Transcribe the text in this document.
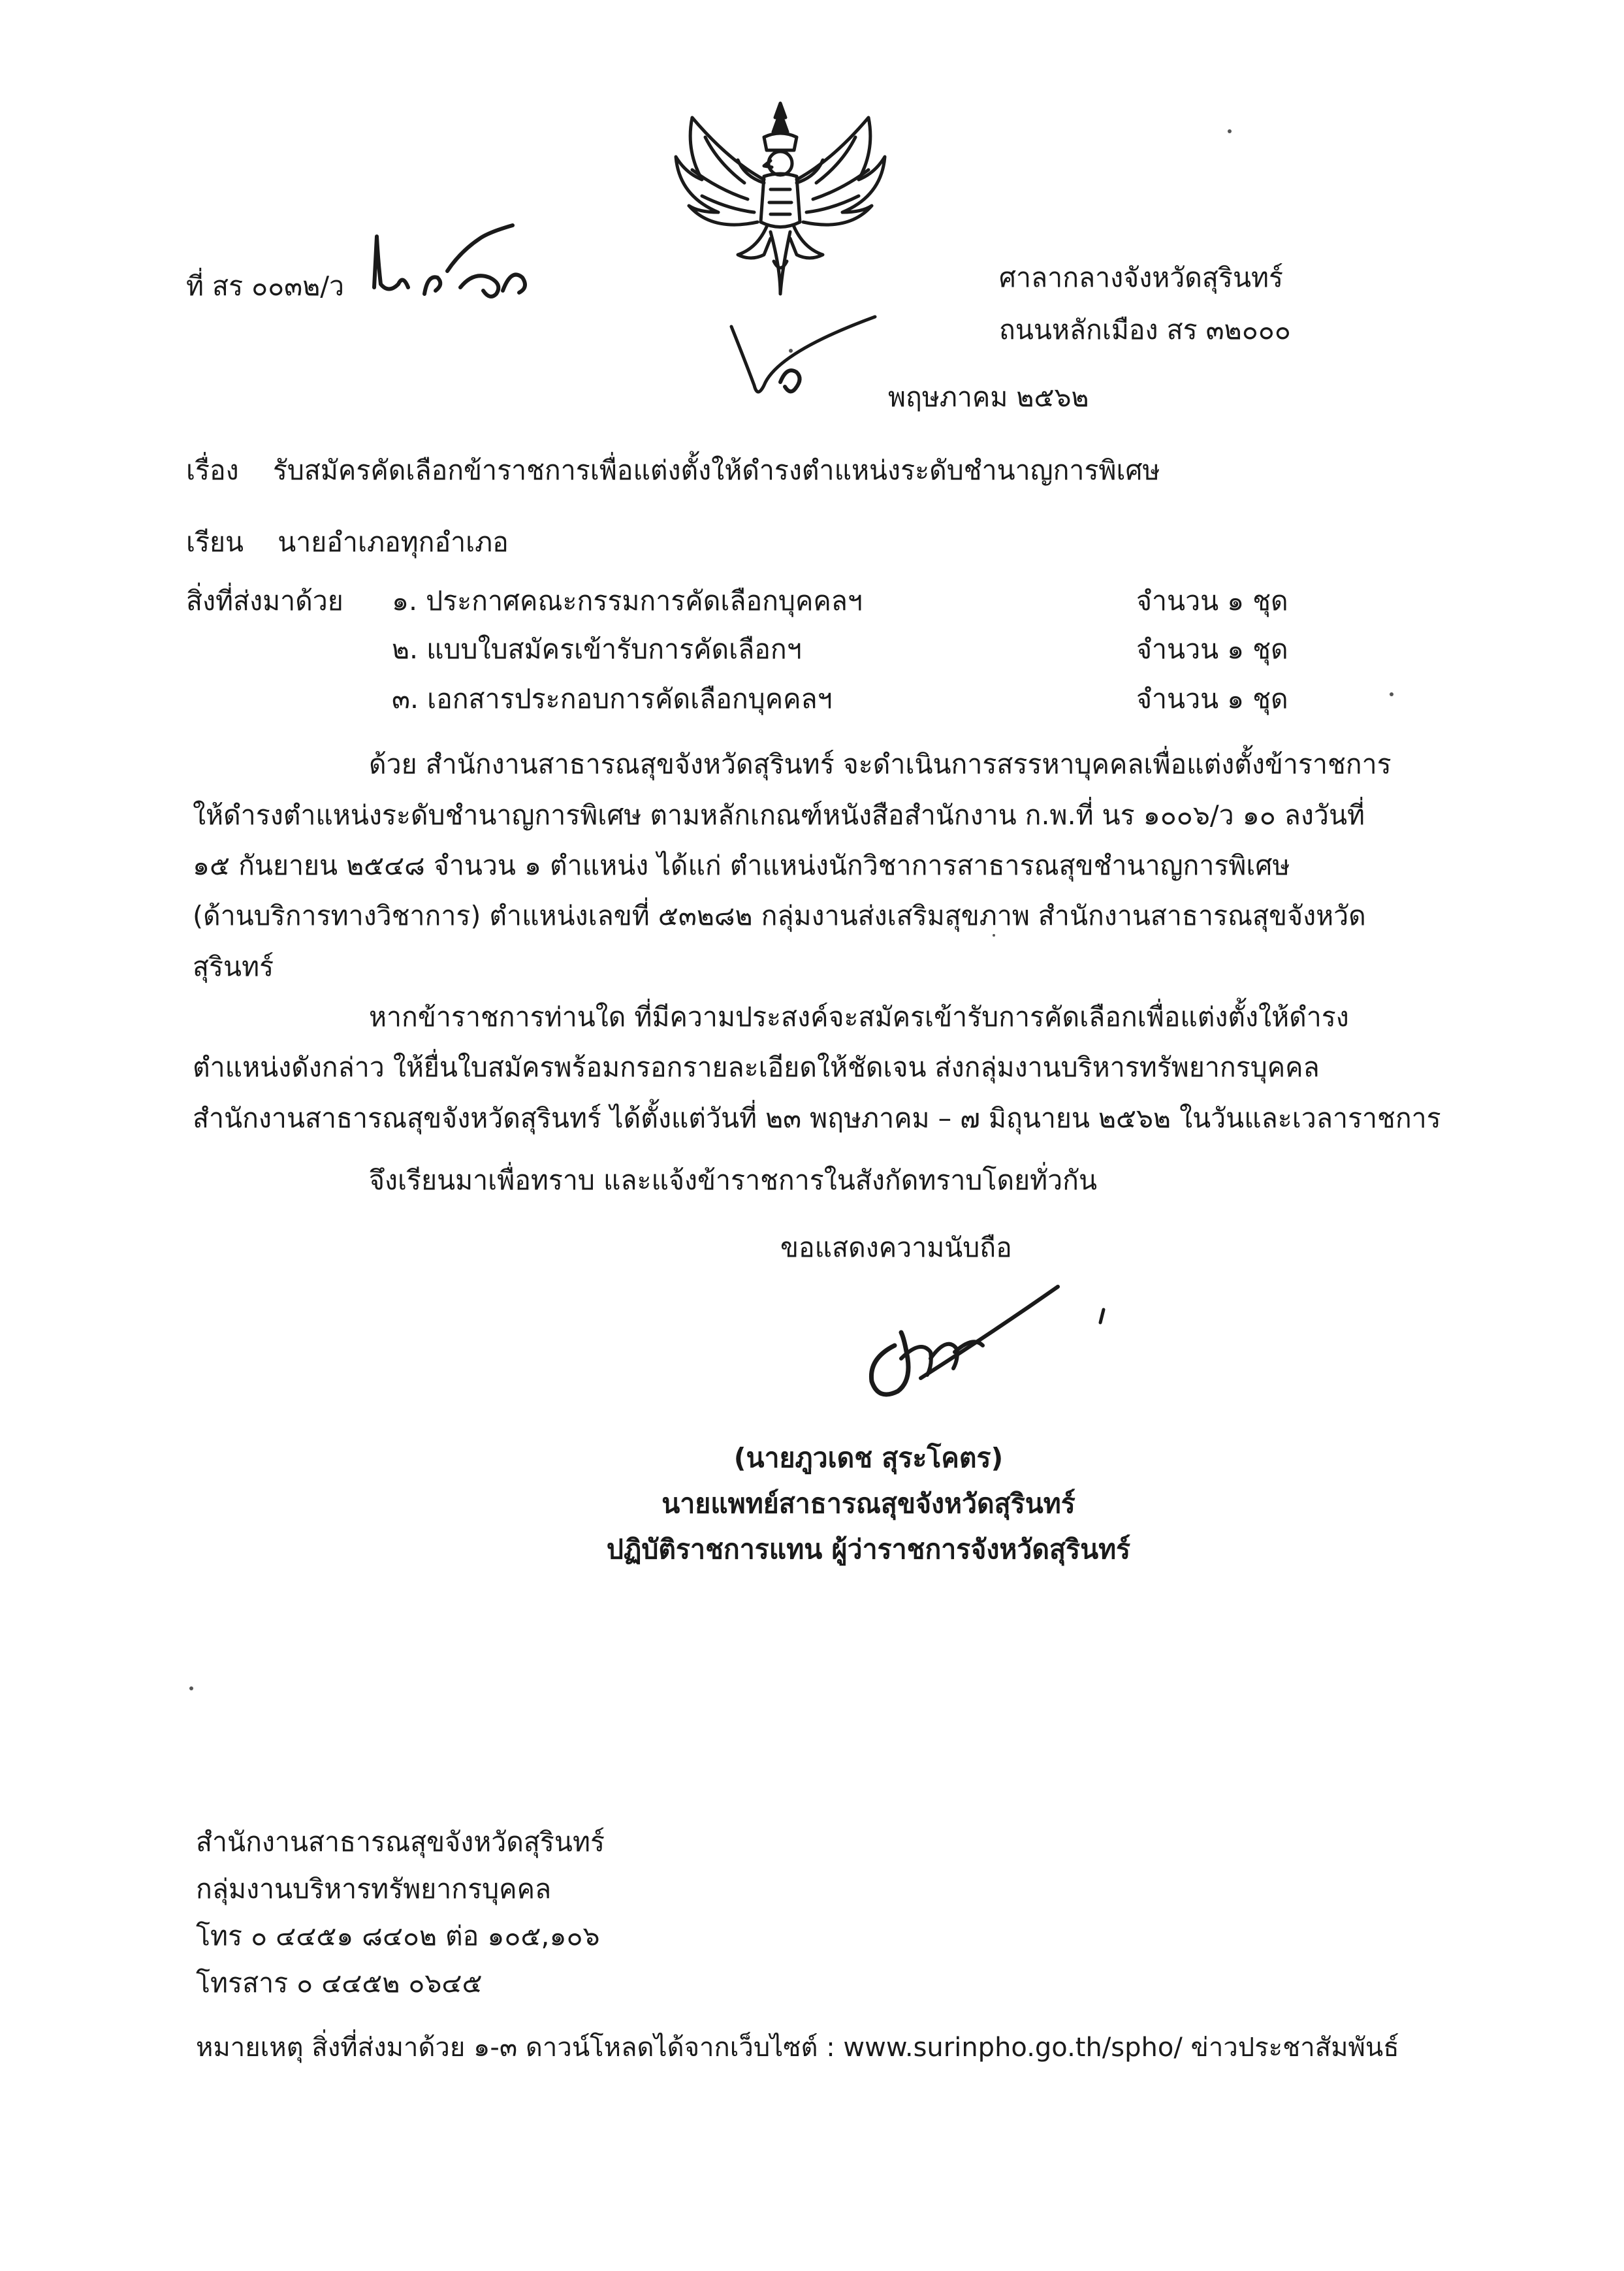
ที่ สร ๐๐๓๒/ว	ศาลากลางจังหวัดสุรินทร์
ถนนหลักเมือง สร ๓๒๐๐๐
พฤษภาคม ๒๕๖๒
เรื่อง รับสมัครคัดเลือกข้าราชการเพื่อแต่งตั้งให้ดำรงตำแหน่งระดับชำนาญการพิเศษ
เรียน นายอำเภอทุกอำเภอ
สิ่งที่ส่งมาด้วย ๑. ประกาศคณะกรรมการคัดเลือกบุคคลฯ	จำนวน ๑ ชุด
๒. แบบใบสมัครเข้ารับการคัดเลือกฯ	จำนวน ๑ ชุด
๓. เอกสารประกอบการคัดเลือกบุคคลฯ	จำนวน ๑ ชุด
ด้วย สำนักงานสาธารณสุขจังหวัดสุรินทร์ จะดำเนินการสรรหาบุคคลเพื่อแต่งตั้งข้าราชการ
ให้ดำรงตำแหน่งระดับชำนาญการพิเศษ ตามหลักเกณฑ์หนังสือสำนักงาน ก.พ.ที่ นร ๑๐๐๖/ว ๑๐ ลงวันที่
๑๕ กันยายน ๒๕๔๘ จำนวน ๑ ตำแหน่ง ได้แก่ ตำแหน่งนักวิชาการสาธารณสุขชำนาญการพิเศษ
(ด้านบริการทางวิชาการ) ตำแหน่งเลขที่ ๕๓๒๘๒ กลุ่มงานส่งเสริมสุขภาพ สำนักงานสาธารณสุขจังหวัด
สุรินทร์
หากข้าราชการท่านใด ที่มีความประสงค์จะสมัครเข้ารับการคัดเลือกเพื่อแต่งตั้งให้ดำรง
ตำแหน่งดังกล่าว ให้ยื่นใบสมัครพร้อมกรอกรายละเอียดให้ชัดเจน ส่งกลุ่มงานบริหารทรัพยากรบุคคล
สำนักงานสาธารณสุขจังหวัดสุรินทร์ ได้ตั้งแต่วันที่ ๒๓ พฤษภาคม – ๗ มิถุนายน ๒๕๖๒ ในวันและเวลาราชการ
จึงเรียนมาเพื่อทราบ และแจ้งข้าราชการในสังกัดทราบโดยทั่วกัน
ขอแสดงความนับถือ
(นายภูวเดช สุระโคตร)
นายแพทย์สาธารณสุขจังหวัดสุรินทร์
ปฏิบัติราชการแทน ผู้ว่าราชการจังหวัดสุรินทร์
สำนักงานสาธารณสุขจังหวัดสุรินทร์
กลุ่มงานบริหารทรัพยากรบุคคล
โทร ๐ ๔๔๕๑ ๘๔๐๒ ต่อ ๑๐๕,๑๐๖
โทรสาร ๐ ๔๔๕๒ ๐๖๔๕
หมายเหตุ สิ่งที่ส่งมาด้วย ๑-๓ ดาวน์โหลดได้จากเว็บไซต์ : www.surinpho.go.th/spho/ ข่าวประชาสัมพันธ์
